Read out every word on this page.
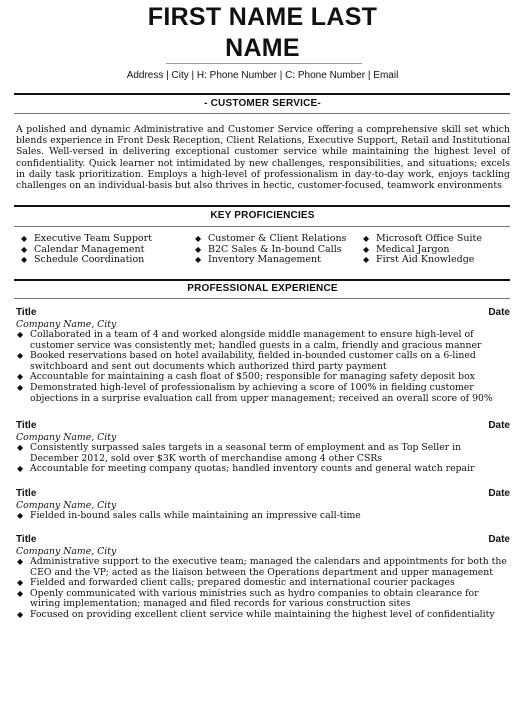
FIRST NAME LAST
NAME
Address | City | H: Phone Number | C: Phone Number | Email
- CUSTOMER SERVICE-

A polished and dynamic Administrative and Customer Service offering a comprehensive skill set which blends experience in Front Desk Reception, Client Relations, Executive Support, Retail and Institutional Sales. Well-versed in delivering exceptional customer service while maintaining the highest level of confidentiality. Quick learner not intimidated by new challenges, responsibilities, and situations; excels in daily task prioritization. Employs a high-level of professionalism in day-to-day work, enjoys tackling challenges on an individual-basis but also thrives in hectic, customer-focused, teamwork environments

KEY PROFICIENCIES
◆ Executive Team Support
◆ Calendar Management
◆ Schedule Coordination
◆ Customer & Client Relations
◆ B2C Sales & In-bound Calls
◆ Inventory Management
◆ Microsoft Office Suite
◆ Medical Jargon
◆ First Aid Knowledge
PROFESSIONAL EXPERIENCE
Title	Date
Company Name, City
◆ Collaborated in a team of 4 and worked alongside middle management to ensure high-level of customer service was consistently met; handled guests in a calm, friendly and gracious manner
◆ Booked reservations based on hotel availability, fielded in-bounded customer calls on a 6-lined switchboard and sent out documents which authorized third party payment
◆ Accountable for maintaining a cash float of $500; responsible for managing safety deposit box
◆ Demonstrated high-level of professionalism by achieving a score of 100% in fielding customer objections in a surprise evaluation call from upper management; received an overall score of 90%
Title	Date
Company Name, City
◆ Consistently surpassed sales targets in a seasonal term of employment and as Top Seller in December 2012, sold over $3K worth of merchandise among 4 other CSRs
◆ Accountable for meeting company quotas; handled inventory counts and general watch repair
Title	Date
Company Name, City
◆ Fielded in-bound sales calls while maintaining an impressive call-time
Title	Date
Company Name, City
◆ Administrative support to the executive team; managed the calendars and appointments for both the CEO and the VP; acted as the liaison between the Operations department and upper management
◆ Fielded and forwarded client calls; prepared domestic and international courier packages
◆ Openly communicated with various ministries such as hydro companies to obtain clearance for wiring implementation; managed and filed records for various construction sites
◆ Focused on providing excellent client service while maintaining the highest level of confidentiality
